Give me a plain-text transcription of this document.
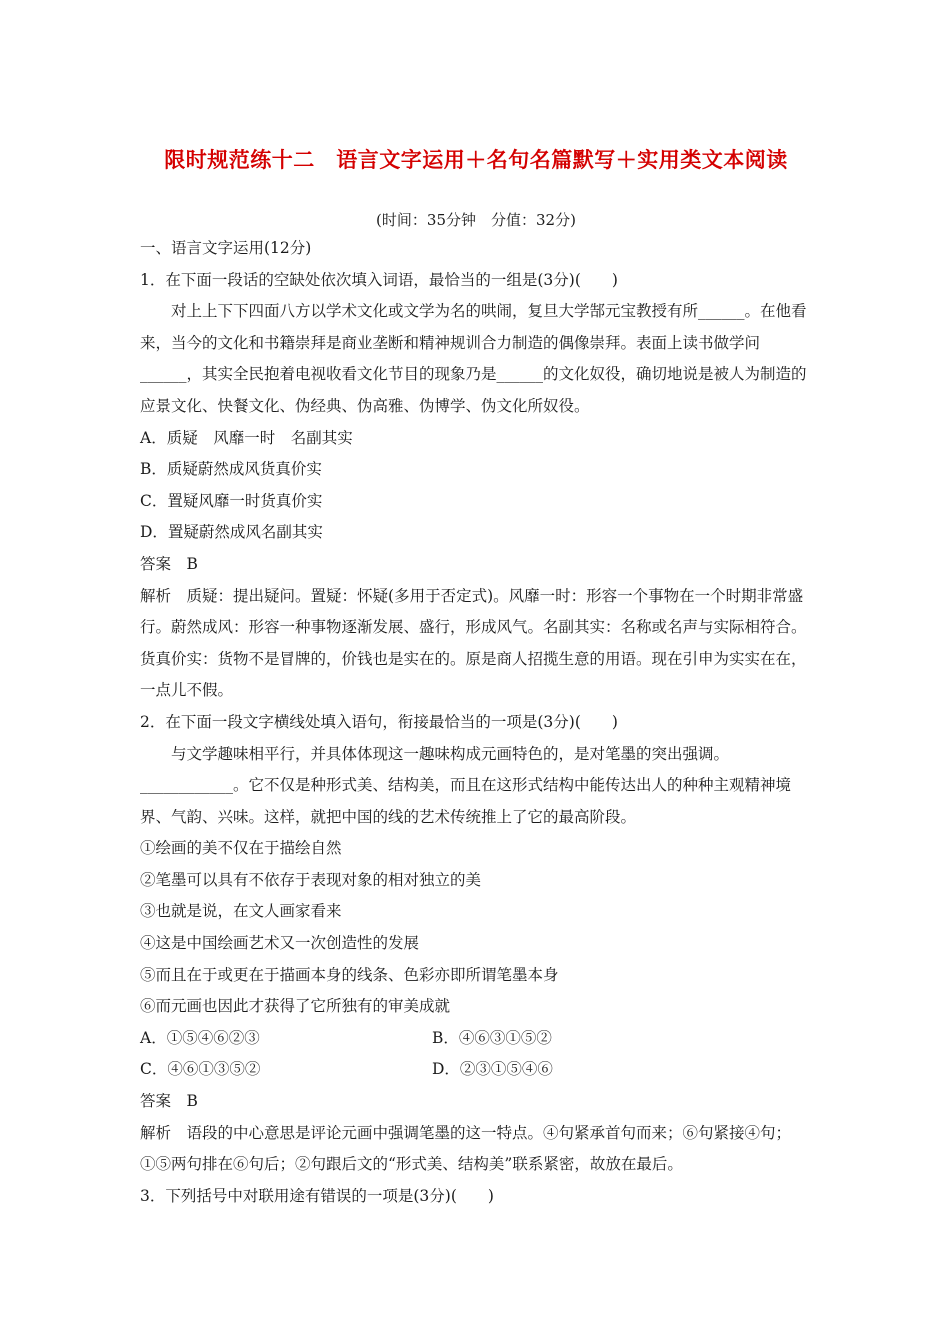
限时规范练十二　语言文字运用＋名句名篇默写＋实用类文本阅读
(时间：35分钟　分值：32分)

一、语言文字运用(12分)

1．在下面一段话的空缺处依次填入词语，最恰当的一组是(3分)(　　)

对上上下下四面八方以学术文化或文学为名的哄闹，复旦大学郜元宝教授有所______。在他看来，当今的文化和书籍崇拜是商业垄断和精神规训合力制造的偶像崇拜。表面上读书做学问______，其实全民抱着电视收看文化节目的现象乃是______的文化奴役，确切地说是被人为制造的应景文化、快餐文化、伪经典、伪高雅、伪博学、伪文化所奴役。

A．质疑　风靡一时　名副其实

B．质疑蔚然成风货真价实

C．置疑风靡一时货真价实

D．置疑蔚然成风名副其实

答案 B

解析 质疑：提出疑问。置疑：怀疑(多用于否定式)。风靡一时：形容一个事物在一个时期非常盛行。蔚然成风：形容一种事物逐渐发展、盛行，形成风气。名副其实：名称或名声与实际相符合。货真价实：货物不是冒牌的，价钱也是实在的。原是商人招揽生意的用语。现在引申为实实在在，一点儿不假。

2．在下面一段文字横线处填入语句，衔接最恰当的一项是(3分)(　　)

与文学趣味相平行，并具体体现这一趣味构成元画特色的，是对笔墨的突出强调。____________。它不仅是种形式美、结构美，而且在这形式结构中能传达出人的种种主观精神境界、气韵、兴味。这样，就把中国的线的艺术传统推上了它的最高阶段。

①绘画的美不仅在于描绘自然

②笔墨可以具有不依存于表现对象的相对独立的美

③也就是说，在文人画家看来

④这是中国绘画艺术又一次创造性的发展

⑤而且在于或更在于描画本身的线条、色彩亦即所谓笔墨本身

⑥而元画也因此才获得了它所独有的审美成就

A．①⑤④⑥②③	B．④⑥③①⑤②
C．④⑥①③⑤②	D．②③①⑤④⑥

答案 B

解析 语段的中心意思是评论元画中强调笔墨的这一特点。④句紧承首句而来；⑥句紧接④句；①⑤两句排在⑥句后；②句跟后文的“形式美、结构美”联系紧密，故放在最后。

3．下列括号中对联用途有错误的一项是(3分)(　　)
